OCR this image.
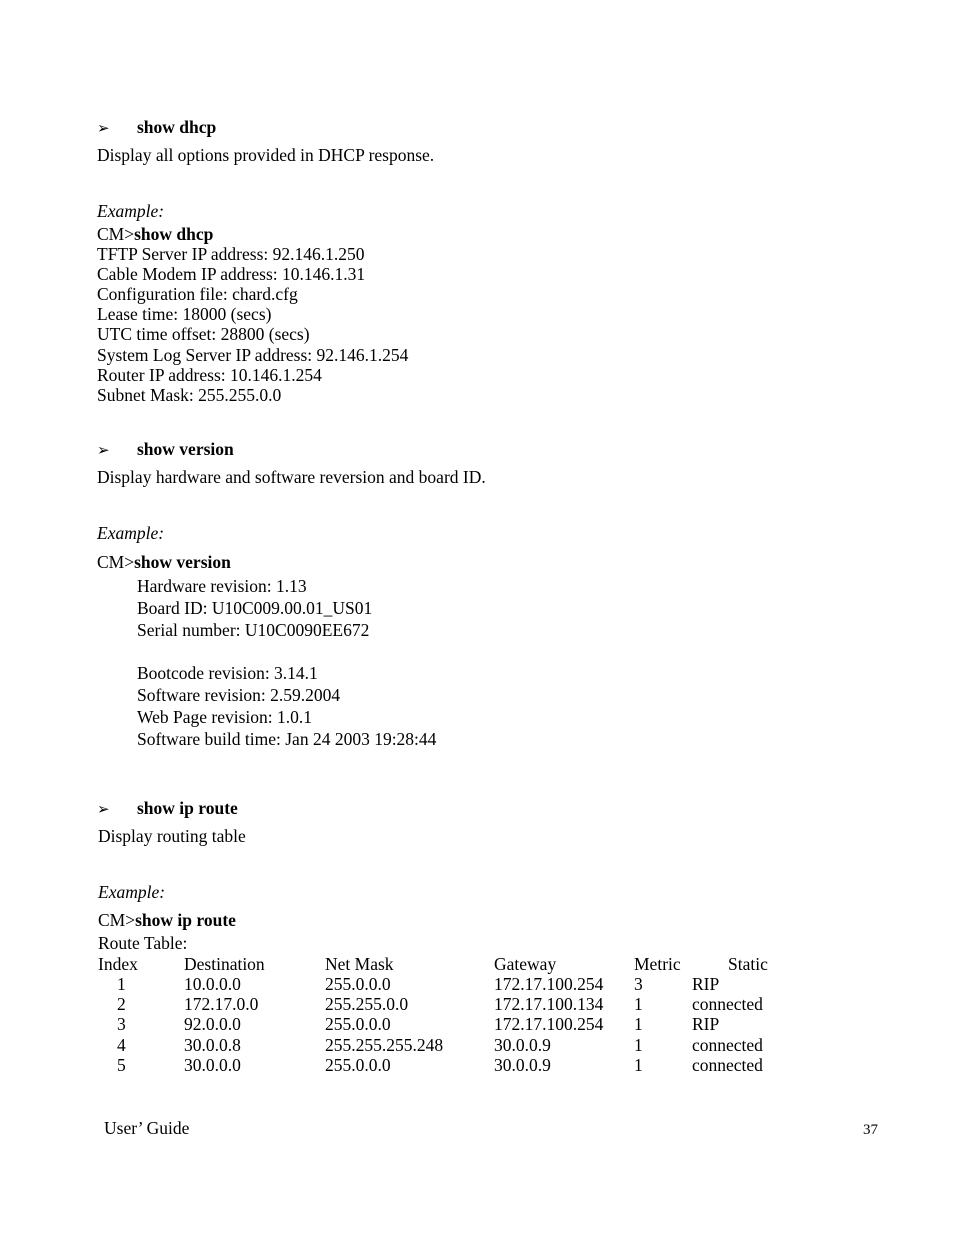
➢ show dhcp
Display all options provided in DHCP response.
Example:
CM>show dhcp
TFTP Server IP address: 92.146.1.250
Cable Modem IP address: 10.146.1.31
Configuration file: chard.cfg
Lease time: 18000 (secs)
UTC time offset: 28800 (secs)
System Log Server IP address: 92.146.1.254
Router IP address: 10.146.1.254
Subnet Mask: 255.255.0.0
➢ show version
Display hardware and software reversion and board ID.
Example:
CM>show version
Hardware revision: 1.13
Board ID: U10C009.00.01_US01
Serial number: U10C0090EE672
Bootcode revision: 3.14.1
Software revision: 2.59.2004
Web Page revision: 1.0.1
Software build time: Jan 24 2003 19:28:44
➢ show ip route
Display routing table
Example:
CM>show ip route
Route Table:
Index	Destination	Net Mask	Gateway	Metric	Static
1	10.0.0.0	255.0.0.0	172.17.100.254 3	RIP
2	172.17.0.0	255.255.0.0	172.17.100.134 1	connected
3	92.0.0.0	255.0.0.0	172.17.100.254 1	RIP
4	30.0.0.8	255.255.255.248	30.0.0.9	1	connected
5	30.0.0.0	255.0.0.0	30.0.0.9	1	connected
User’ Guide	37
